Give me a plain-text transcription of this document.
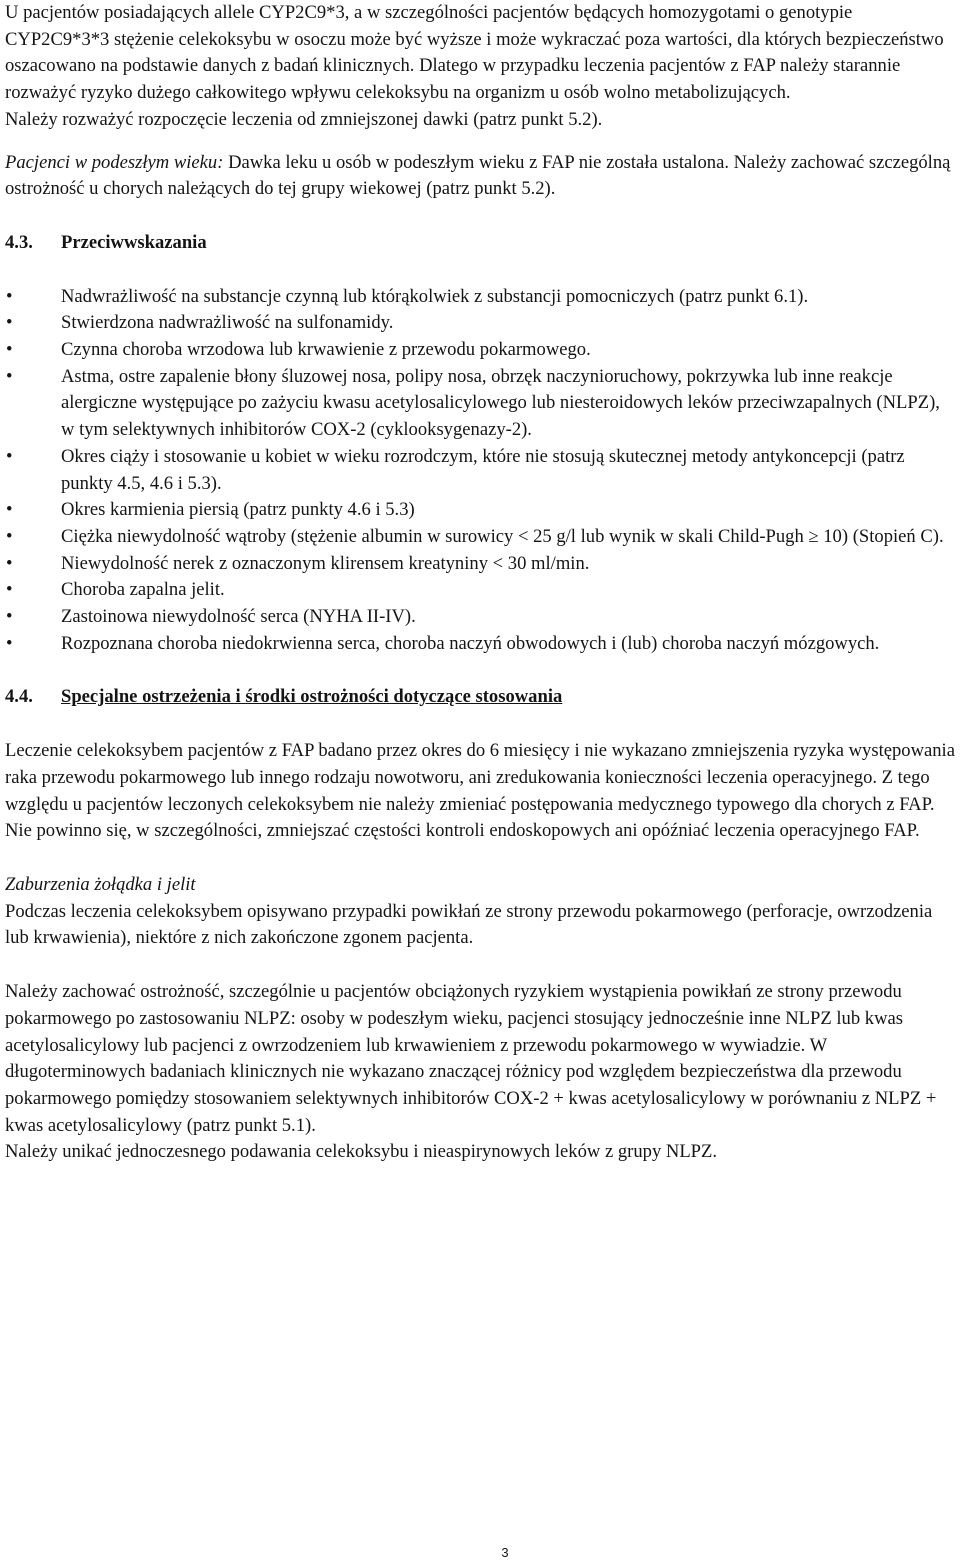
U pacjentów posiadających allele CYP2C9*3, a w szczególności pacjentów będących homozygotami o genotypie CYP2C9*3*3 stężenie celekoksybu w osoczu może być wyższe i może wykraczać poza wartości, dla których bezpieczeństwo oszacowano na podstawie danych z badań klinicznych. Dlatego w przypadku leczenia pacjentów z FAP należy starannie rozważyć ryzyko dużego całkowitego wpływu celekoksybu na organizm u osób wolno metabolizujących.

Należy rozważyć rozpoczęcie leczenia od zmniejszonej dawki (patrz punkt 5.2).

Pacjenci w podeszłym wieku: Dawka leku u osób w podeszłym wieku z FAP nie została ustalona. Należy zachować szczególną ostrożność u chorych należących do tej grupy wiekowej (patrz punkt 5.2).

4.3.	Przeciwwskazania
•	Nadwrażliwość na substancje czynną lub którąkolwiek z substancji pomocniczych (patrz punkt 6.1).
•	Stwierdzona nadwrażliwość na sulfonamidy.
•	Czynna choroba wrzodowa lub krwawienie z przewodu pokarmowego.
•	Astma, ostre zapalenie błony śluzowej nosa, polipy nosa, obrzęk naczynioruchowy, pokrzywka lub inne reakcje alergiczne występujące po zażyciu kwasu acetylosalicylowego lub niesteroidowych leków przeciwzapalnych (NLPZ), w tym selektywnych inhibitorów COX-2 (cyklooksygenazy-2).
•	Okres ciąży i stosowanie u kobiet w wieku rozrodczym, które nie stosują skutecznej metody antykoncepcji (patrz punkty 4.5, 4.6 i 5.3).
•	Okres karmienia piersią (patrz punkty 4.6 i 5.3)
•	Ciężka niewydolność wątroby (stężenie albumin w surowicy < 25 g/l lub wynik w skali Child-Pugh ≥ 10) (Stopień C).
•	Niewydolność nerek z oznaczonym klirensem kreatyniny < 30 ml/min.
•	Choroba zapalna jelit.
•	Zastoinowa niewydolność serca (NYHA II-IV).
•	Rozpoznana choroba niedokrwienna serca, choroba naczyń obwodowych i (lub) choroba naczyń mózgowych.
4.4.	Specjalne ostrzeżenia i środki ostrożności dotyczące stosowania

Leczenie celekoksybem pacjentów z FAP badano przez okres do 6 miesięcy i nie wykazano zmniejszenia ryzyka występowania raka przewodu pokarmowego lub innego rodzaju nowotworu, ani zredukowania konieczności leczenia operacyjnego. Z tego względu u pacjentów leczonych celekoksybem nie należy zmieniać postępowania medycznego typowego dla chorych z FAP. Nie powinno się, w szczególności, zmniejszać częstości kontroli endoskopowych ani opóźniać leczenia operacyjnego FAP.

Zaburzenia żołądka i jelit

Podczas leczenia celekoksybem opisywano przypadki powikłań ze strony przewodu pokarmowego (perforacje, owrzodzenia lub krwawienia), niektóre z nich zakończone zgonem pacjenta.

Należy zachować ostrożność, szczególnie u pacjentów obciążonych ryzykiem wystąpienia powikłań ze strony przewodu pokarmowego po zastosowaniu NLPZ: osoby w podeszłym wieku, pacjenci stosujący jednocześnie inne NLPZ lub kwas acetylosalicylowy lub pacjenci z owrzodzeniem lub krwawieniem z przewodu pokarmowego w wywiadzie. W długoterminowych badaniach klinicznych nie wykazano znaczącej różnicy pod względem bezpieczeństwa dla przewodu pokarmowego pomiędzy stosowaniem selektywnych inhibitorów COX-2 + kwas acetylosalicylowy w porównaniu z NLPZ + kwas acetylosalicylowy (patrz punkt 5.1).

Należy unikać jednoczesnego podawania celekoksybu i nieaspirynowych leków z grupy NLPZ.

3
